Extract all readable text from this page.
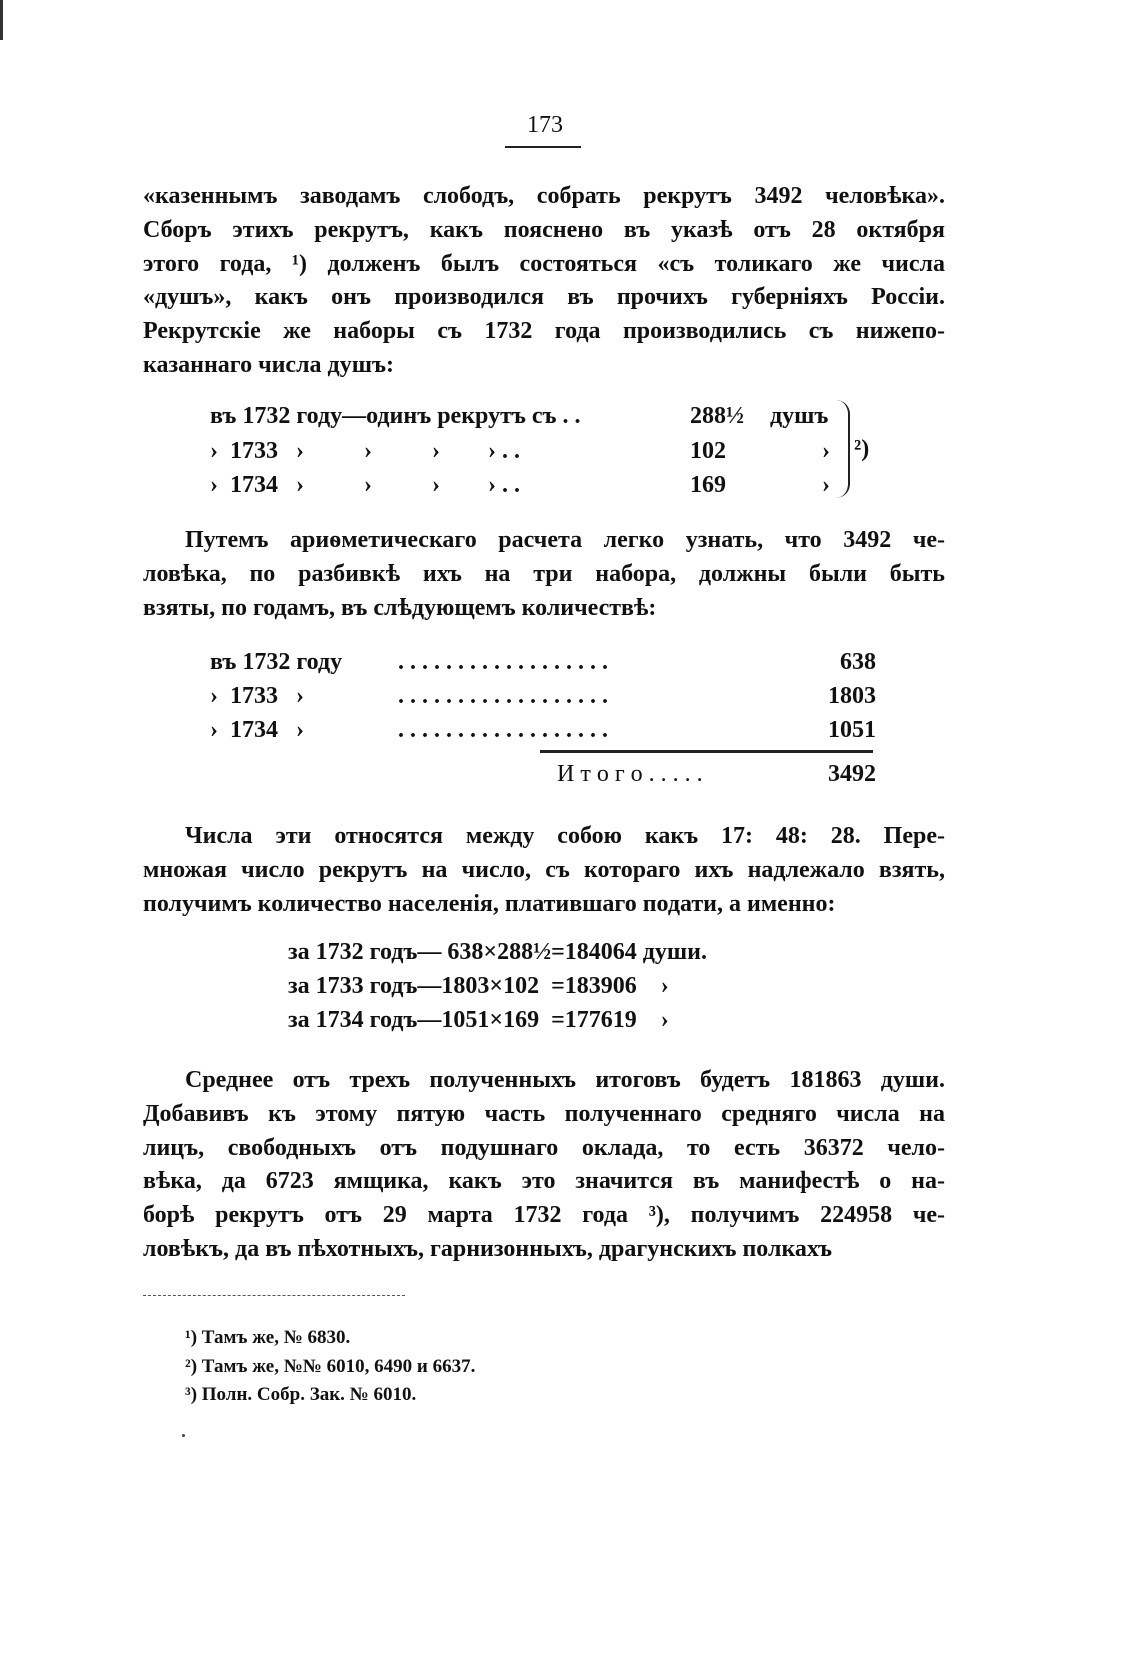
173
«казеннымъ заводамъ слободъ, собрать рекрутъ 3492 человѣка».
Сборъ этихъ рекрутъ, какъ пояснено въ указѣ отъ 28 октября
этого года, ¹) долженъ былъ состояться «съ толикаго же числа
«душъ», какъ онъ производился въ прочихъ губерніяхъ Россіи.
Рекрутскіе же наборы съ 1732 года производились съ нижепо-
казаннаго числа душъ:
Путемъ ариѳметическаго расчета легко узнать, что 3492 че-
ловѣка, по разбивкѣ ихъ на три набора, должны были быть
взяты, по годамъ, въ слѣдующемъ количествѣ:
Числа эти относятся между собою какъ 17: 48: 28. Пере-
множая число рекрутъ на число, съ котораго ихъ надлежало взять,
получимъ количество населенія, платившаго подати, а именно:
Среднее отъ трехъ полученныхъ итоговъ будетъ 181863 души.
Добавивъ къ этому пятую часть полученнаго средняго числа на
лицъ, свободныхъ отъ подушнаго оклада, то есть 36372 чело-
вѣка, да 6723 ямщика, какъ это значится въ манифестѣ о на-
борѣ рекрутъ отъ 29 марта 1732 года ³), получимъ 224958 че-
ловѣкъ, да въ пѣхотныхъ, гарнизонныхъ, драгунскихъ полкахъ
въ 1732 году—одинъ рекрутъ съ . .	288½ душъ
›  1733   ›          ›          ›        › . .	102	›
›  1734   ›          ›          ›        › . .	169	›
въ 1732 году . . . . . . . . . . . . . . . . . .	638
›  1733   ›	. . . . . . . . . . . . . . . . . .	1803
›  1734   ›	. . . . . . . . . . . . . . . . . .	1051
И т о г о . . . . .	3492
за 1732 годъ— 638×288½=184064 души.
за 1733 годъ—1803×102  =183906    ›
за 1734 годъ—1051×169  =177619    ›
¹) Тамъ же, № 6830.
²) Тамъ же, №№ 6010, 6490 и 6637.
³) Полн. Собр. Зак. № 6010.
²)
